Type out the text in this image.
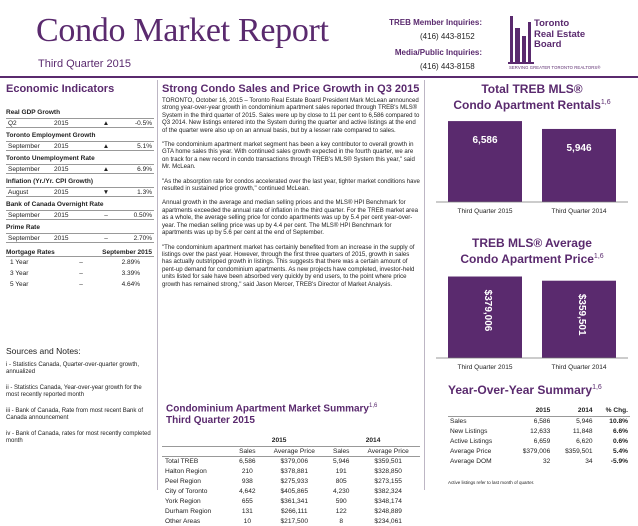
Condo Market Report
Third Quarter 2015
TREB Member Inquiries:
(416) 443-8152
Media/Public Inquiries:
(416) 443-8158
Toronto
Real Estate
Board
SERVING GREATER TORONTO REALTORS®
Economic Indicators
Real GDP Growth
Q2	2015	▲	-0.5%
Toronto Employment Growth
September	2015	▲	5.1%
Toronto Unemployment Rate
September	2015	▲	6.9%
Inflation (Yr./Yr. CPI Growth)
August	2015	▼	1.3%
Bank of Canada Overnight Rate
September	2015	–	0.50%
Prime Rate
September	2015	–	2.70%
Mortgage Rates	September 2015
1 Year	–	2.89%
3 Year	–	3.39%
5 Year	–	4.64%
Sources and Notes:

i - Statistics Canada, Quarter-over-quarter growth, annualized

ii - Statistics Canada, Year-over-year growth for the most recently reported month

iii - Bank of Canada, Rate from most recent Bank of Canada announcement

iv - Bank of Canada, rates for most recently completed month

Strong Condo Sales and Price Growth in Q3 2015

TORONTO, October 16, 2015 – Toronto Real Estate Board President Mark McLean announced strong year-over-year growth in condominium apartment sales reported through TREB's MLS® System in the third quarter of 2015. Sales were up by close to 11 per cent to 6,586 compared to Q3 2014. New listings entered into the System during the quarter and active listings at the end of the quarter were also up on an annual basis, but by a lesser rate compared to sales.

"The condominium apartment market segment has been a key contributor to overall growth in GTA home sales this year. With continued sales growth expected in the fourth quarter, we are on track for a new record in condo transactions through TREB's MLS® System this year," said Mr. McLean.

"As the absorption rate for condos accelerated over the last year, tighter market conditions have resulted in sustained price growth," continued McLean.

Annual growth in the average and median selling prices and the MLS® HPI Benchmark for apartments exceeded the annual rate of inflation in the third quarter. For the TREB market area as a whole, the average selling price for condo apartments was up by 5.4 per cent year-over-year. The median selling price was up by 4.4 per cent. The MLS® HPI Benchmark for apartments was up by 5.6 per cent at the end of September.

"The condominium apartment market has certainly benefited from an increase in the supply of listings over the past year. However, through the first three quarters of 2015, growth in sales has actually outstripped growth in listings. This suggests that there was a certain amount of pent-up demand for condominium apartments. As new projects have completed, investor-held units listed for sale have been absorbed very quickly by end users, to the point where price growth has remained strong," said Jason Mercer, TREB's Director of Market Analysis.

Condominium Apartment Market Summary$^{1,6}$
Third Quarter 2015
	2015		2014	
	Sales	Average Price	Sales	Average Price
Total TREB	6,586	$379,006	5,946	$359,501
Halton Region	210	$378,881	191	$328,850
Peel Region	938	$275,933	805	$273,155
City of Toronto	4,642	$405,865	4,230	$382,324
York Region	655	$361,341	590	$348,174
Durham Region	131	$266,111	122	$248,889
Other Areas	10	$217,500	8	$234,061
Total TREB MLS®
Condo Apartment Rentals$^{1,6}$
6,586
Third Quarter 2015
5,946
Third Quarter 2014
TREB MLS® Average
Condo Apartment Price$^{1,6}$
$379,006
Third Quarter 2015
$359,501
Third Quarter 2014
Year-Over-Year Summary$^{1,6}$
	2015	2014	% Chg.
Sales	6,586	5,946	10.8%
New Listings	12,633	11,848	6.6%
Active Listings	6,659	6,620	0.6%
Average Price	$379,006	$359,501	5.4%
Average DOM	32	34	-5.9%
Active listings refer to last month of quarter.
